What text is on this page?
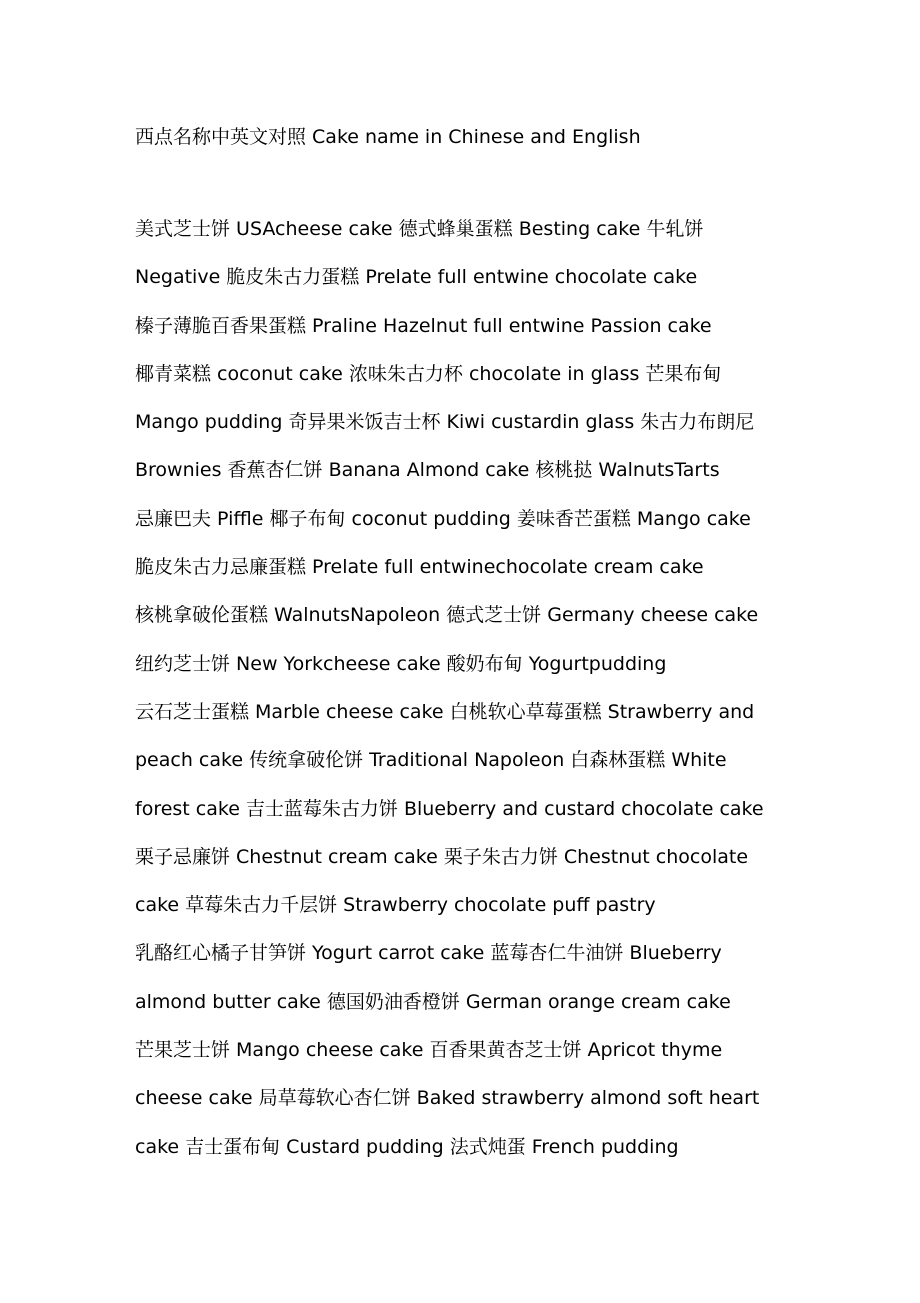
西点名称中英文对照 Cake name in Chinese and English
美式芝士饼 USAcheese cake 德式蜂巢蛋糕 Besting cake 牛轧饼
Negative 脆皮朱古力蛋糕 Prelate full entwine chocolate cake
榛子薄脆百香果蛋糕 Praline Hazelnut full entwine Passion cake
椰青菜糕 coconut cake 浓味朱古力杯 chocolate in glass 芒果布甸
Mango pudding 奇异果米饭吉士杯 Kiwi custardin glass 朱古力布朗尼
Brownies 香蕉杏仁饼 Banana Almond cake 核桃挞 WalnutsTarts
忌廉巴夫 Piffle 椰子布甸 coconut pudding 姜味香芒蛋糕 Mango cake
脆皮朱古力忌廉蛋糕 Prelate full entwinechocolate cream cake
核桃拿破伦蛋糕 WalnutsNapoleon 德式芝士饼 Germany cheese cake
纽约芝士饼 New Yorkcheese cake 酸奶布甸 Yogurtpudding
云石芝士蛋糕 Marble cheese cake 白桃软心草莓蛋糕 Strawberry and
peach cake 传统拿破伦饼 Traditional Napoleon 白森林蛋糕 White
forest cake 吉士蓝莓朱古力饼 Blueberry and custard chocolate cake
栗子忌廉饼 Chestnut cream cake 栗子朱古力饼 Chestnut chocolate
cake 草莓朱古力千层饼 Strawberry chocolate puff pastry
乳酪红心橘子甘笋饼 Yogurt carrot cake 蓝莓杏仁牛油饼 Blueberry
almond butter cake 德国奶油香橙饼 German orange cream cake
芒果芝士饼 Mango cheese cake 百香果黄杏芝士饼 Apricot thyme
cheese cake 局草莓软心杏仁饼 Baked strawberry almond soft heart
cake 吉士蛋布甸 Custard pudding 法式炖蛋 French pudding
